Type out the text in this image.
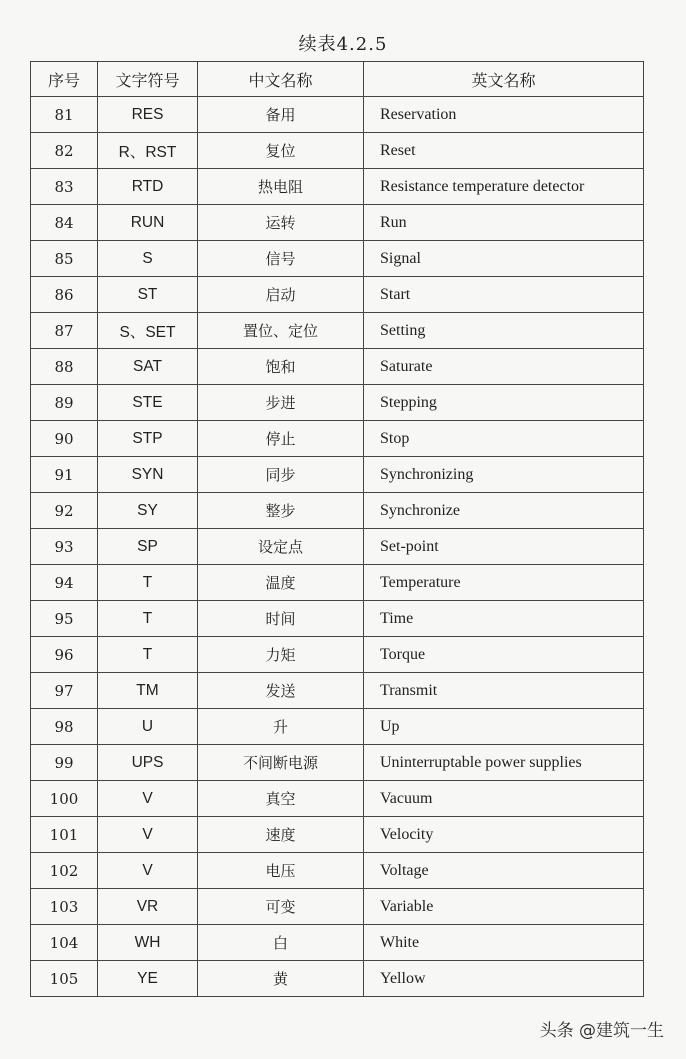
续表4.2.5
序号	文字符号	中文名称	英文名称
81	RES	备用	Reservation
82	R、RST	复位	Reset
83	RTD	热电阻	Resistance temperature detector
84	RUN	运转	Run
85	S	信号	Signal
86	ST	启动	Start
87	S、SET	置位、定位	Setting
88	SAT	饱和	Saturate
89	STE	步进	Stepping
90	STP	停止	Stop
91	SYN	同步	Synchronizing
92	SY	整步	Synchronize
93	SP	设定点	Set-point
94	T	温度	Temperature
95	T	时间	Time
96	T	力矩	Torque
97	TM	发送	Transmit
98	U	升	Up
99	UPS	不间断电源	Uninterruptable power supplies
100	V	真空	Vacuum
101	V	速度	Velocity
102	V	电压	Voltage
103	VR	可变	Variable
104	WH	白	White
105	YE	黄	Yellow
头条 @建筑一生
